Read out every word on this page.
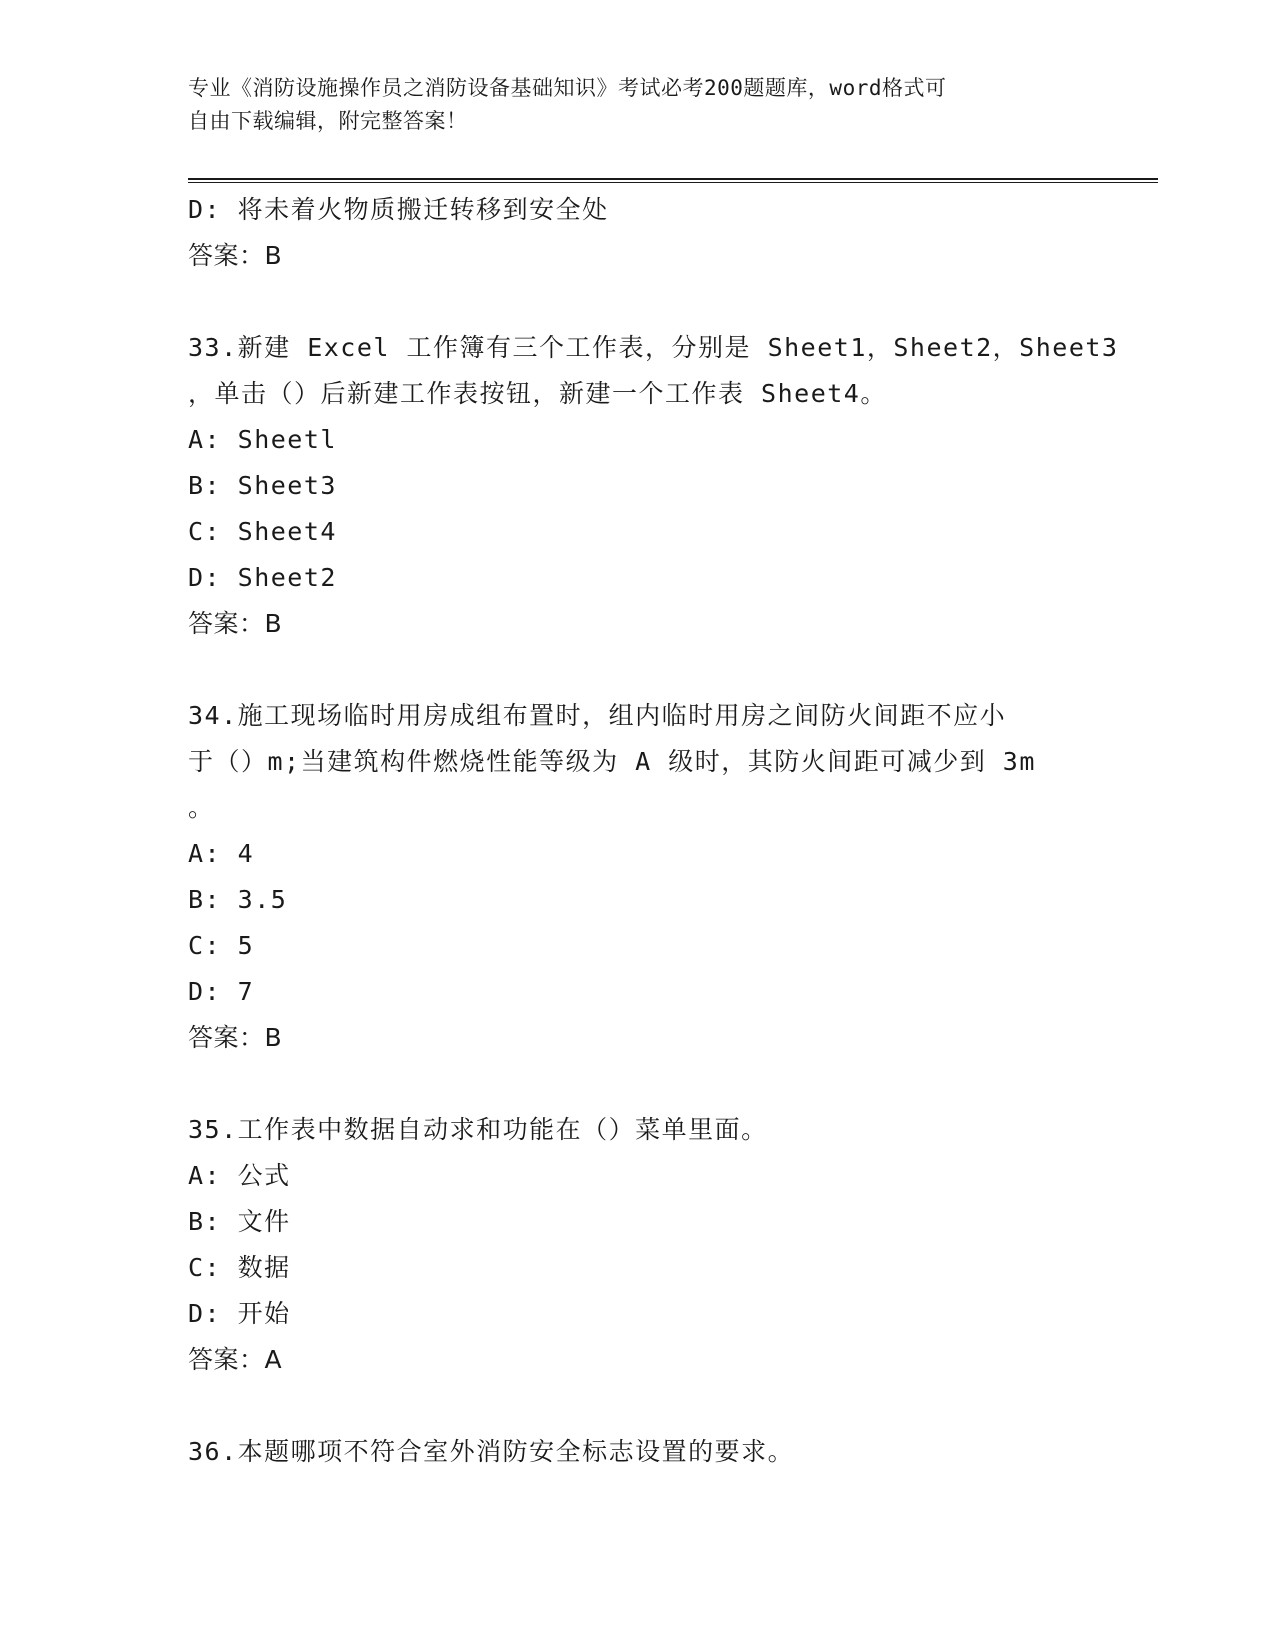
专业《消防设施操作员之消防设备基础知识》考试必考200题题库，word格式可
自由下载编辑，附完整答案！
D: 将未着火物质搬迁转移到安全处
答案：B
33.新建 Excel 工作簿有三个工作表，分别是 Sheet1，Sheet2，Sheet3
，单击（）后新建工作表按钮，新建一个工作表 Sheet4。
A: Sheetl
B: Sheet3
C: Sheet4
D: Sheet2
答案：B
34.施工现场临时用房成组布置时，组内临时用房之间防火间距不应小
于（）m;当建筑构件燃烧性能等级为 A 级时，其防火间距可减少到 3m
。
A: 4
B: 3.5
C: 5
D: 7
答案：B
35.工作表中数据自动求和功能在（）菜单里面。
A: 公式
B: 文件
C: 数据
D: 开始
答案：A
36.本题哪项不符合室外消防安全标志设置的要求。
